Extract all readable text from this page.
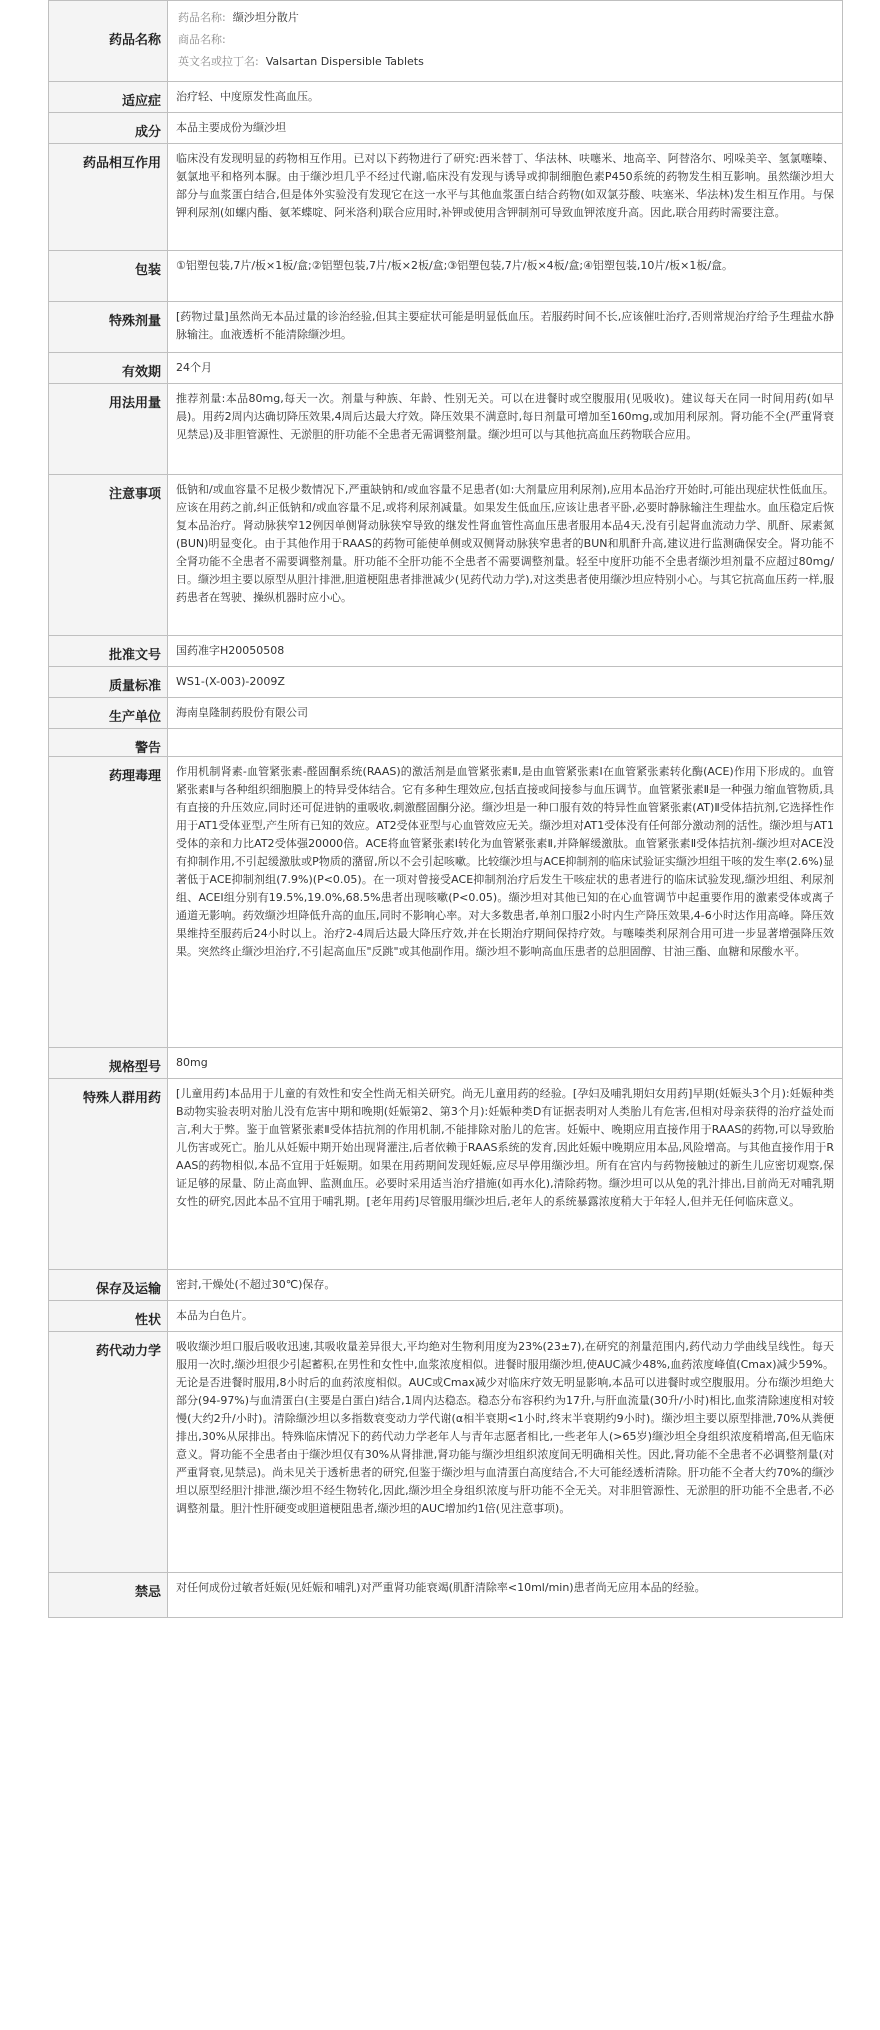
药品名称	药品名称: 缬沙坦分散片
商品名称:
英文名或拉丁名: Valsartan Dispersible Tablets

适应症	治疗轻、中度原发性高血压。

成分	本品主要成份为缬沙坦

药品相互作用	临床没有发现明显的药物相互作用。已对以下药物进行了研究:西米替丁、华法林、呋噻米、地高辛、阿替洛尔、吲哚美辛、氢氯噻嗪、氨氯地平和格列本脲。由于缬沙坦几乎不经过代谢,临床没有发现与诱导或抑制细胞色素P450系统的药物发生相互影响。虽然缬沙坦大部分与血浆蛋白结合,但是体外实验没有发现它在这一水平与其他血浆蛋白结合药物(如双氯芬酸、呋塞米、华法林)发生相互作用。与保钾利尿剂(如螺内酯、氨苯蝶啶、阿米洛利)联合应用时,补钾或使用含钾制剂可导致血钾浓度升高。因此,联合用药时需要注意。

包装	①铝塑包装,7片/板×1板/盒;②铝塑包装,7片/板×2板/盒;③铝塑包装,7片/板×4板/盒;④铝塑包装,10片/板×1板/盒。

特殊剂量	[药物过量]虽然尚无本品过量的诊治经验,但其主要症状可能是明显低血压。若服药时间不长,应该催吐治疗,否则常规治疗给予生理盐水静脉输注。血液透析不能清除缬沙坦。

有效期	24个月

用法用量	推荐剂量:本品80mg,每天一次。剂量与种族、年龄、性别无关。可以在进餐时或空腹服用(见吸收)。建议每天在同一时间用药(如早晨)。用药2周内达确切降压效果,4周后达最大疗效。降压效果不满意时,每日剂量可增加至160mg,或加用利尿剂。肾功能不全(严重肾衰见禁忌)及非胆管源性、无淤胆的肝功能不全患者无需调整剂量。缬沙坦可以与其他抗高血压药物联合应用。

注意事项	低钠和/或血容量不足极少数情况下,严重缺钠和/或血容量不足患者(如:大剂量应用利尿剂),应用本品治疗开始时,可能出现症状性低血压。应该在用药之前,纠正低钠和/或血容量不足,或将利尿剂减量。如果发生低血压,应该让患者平卧,必要时静脉输注生理盐水。血压稳定后恢复本品治疗。肾动脉狭窄12例因单侧肾动脉狭窄导致的继发性肾血管性高血压患者服用本品4天,没有引起肾血流动力学、肌酐、尿素氮(BUN)明显变化。由于其他作用于RAAS的药物可能使单侧或双侧肾动脉狭窄患者的BUN和肌酐升高,建议进行监测确保安全。肾功能不全肾功能不全患者不需要调整剂量。肝功能不全肝功能不全患者不需要调整剂量。轻至中度肝功能不全患者缬沙坦剂量不应超过80mg/日。缬沙坦主要以原型从胆汁排泄,胆道梗阻患者排泄减少(见药代动力学),对这类患者使用缬沙坦应特别小心。与其它抗高血压药一样,服药患者在驾驶、操纵机器时应小心。

批准文号	国药准字H20050508

质量标准	WS1-(X-003)-2009Z

生产单位	海南皇隆制药股份有限公司

警告	

药理毒理	作用机制肾素-血管紧张素-醛固酮系统(RAAS)的激活剂是血管紧张素Ⅱ,是由血管紧张素Ⅰ在血管紧张素转化酶(ACE)作用下形成的。血管紧张素Ⅱ与各种组织细胞膜上的特异受体结合。它有多种生理效应,包括直接或间接参与血压调节。血管紧张素Ⅱ是一种强力缩血管物质,具有直接的升压效应,同时还可促进钠的重吸收,刺激醛固酮分泌。缬沙坦是一种口服有效的特异性血管紧张素(AT)Ⅱ受体拮抗剂,它选择性作用于AT1受体亚型,产生所有已知的效应。AT2受体亚型与心血管效应无关。缬沙坦对AT1受体没有任何部分激动剂的活性。缬沙坦与AT1受体的亲和力比AT2受体强20000倍。ACE将血管紧张素Ⅰ转化为血管紧张素Ⅱ,并降解缓激肽。血管紧张素Ⅱ受体拮抗剂-缬沙坦对ACE没有抑制作用,不引起缓激肽或P物质的潴留,所以不会引起咳嗽。比较缬沙坦与ACE抑制剂的临床试验证实缬沙坦组干咳的发生率(2.6%)显著低于ACE抑制剂组(7.9%)(P<0.05)。在一项对曾接受ACE抑制剂治疗后发生干咳症状的患者进行的临床试验发现,缬沙坦组、利尿剂组、ACEI组分别有19.5%,19.0%,68.5%患者出现咳嗽(P<0.05)。缬沙坦对其他已知的在心血管调节中起重要作用的激素受体或离子通道无影响。药效缬沙坦降低升高的血压,同时不影响心率。对大多数患者,单剂口服2小时内生产降压效果,4-6小时达作用高峰。降压效果维持至服药后24小时以上。治疗2-4周后达最大降压疗效,并在长期治疗期间保持疗效。与噻嗪类利尿剂合用可进一步显著增强降压效果。突然终止缬沙坦治疗,不引起高血压"反跳"或其他副作用。缬沙坦不影响高血压患者的总胆固醇、甘油三酯、血糖和尿酸水平。

规格型号	80mg

特殊人群用药	[儿童用药]本品用于儿童的有效性和安全性尚无相关研究。尚无儿童用药的经验。[孕妇及哺乳期妇女用药]早期(妊娠头3个月):妊娠种类B动物实验表明对胎儿没有危害中期和晚期(妊娠第2、第3个月):妊娠种类D有证据表明对人类胎儿有危害,但相对母亲获得的治疗益处而言,利大于弊。鉴于血管紧张素Ⅱ受体拮抗剂的作用机制,不能排除对胎儿的危害。妊娠中、晚期应用直接作用于RAAS的药物,可以导致胎儿伤害或死亡。胎儿从妊娠中期开始出现肾灌注,后者依赖于RAAS系统的发育,因此妊娠中晚期应用本品,风险增高。与其他直接作用于RAAS的药物相似,本品不宜用于妊娠期。如果在用药期间发现妊娠,应尽早停用缬沙坦。所有在宫内与药物接触过的新生儿应密切观察,保证足够的尿量、防止高血钾、监测血压。必要时采用适当治疗措施(如再水化),清除药物。缬沙坦可以从兔的乳汁排出,目前尚无对哺乳期女性的研究,因此本品不宜用于哺乳期。[老年用药]尽管服用缬沙坦后,老年人的系统暴露浓度稍大于年轻人,但并无任何临床意义。

保存及运输	密封,干燥处(不超过30℃)保存。

性状	本品为白色片。

药代动力学	吸收缬沙坦口服后吸收迅速,其吸收量差异很大,平均绝对生物利用度为23%(23±7),在研究的剂量范围内,药代动力学曲线呈线性。每天服用一次时,缬沙坦很少引起蓄积,在男性和女性中,血浆浓度相似。进餐时服用缬沙坦,使AUC减少48%,血药浓度峰值(Cmax)减少59%。无论是否进餐时服用,8小时后的血药浓度相似。AUC或Cmax减少对临床疗效无明显影响,本品可以进餐时或空腹服用。分布缬沙坦绝大部分(94-97%)与血清蛋白(主要是白蛋白)结合,1周内达稳态。稳态分布容积约为17升,与肝血流量(30升/小时)相比,血浆清除速度相对较慢(大约2升/小时)。清除缬沙坦以多指数衰变动力学代谢(α相半衰期<1小时,终末半衰期约9小时)。缬沙坦主要以原型排泄,70%从粪便排出,30%从尿排出。特殊临床情况下的药代动力学老年人与青年志愿者相比,一些老年人(>65岁)缬沙坦全身组织浓度稍增高,但无临床意义。肾功能不全患者由于缬沙坦仅有30%从肾排泄,肾功能与缬沙坦组织浓度间无明确相关性。因此,肾功能不全患者不必调整剂量(对严重肾衰,见禁忌)。尚未见关于透析患者的研究,但鉴于缬沙坦与血清蛋白高度结合,不大可能经透析清除。肝功能不全者大约70%的缬沙坦以原型经胆汁排泄,缬沙坦不经生物转化,因此,缬沙坦全身组织浓度与肝功能不全无关。对非胆管源性、无淤胆的肝功能不全患者,不必调整剂量。胆汁性肝硬变或胆道梗阻患者,缬沙坦的AUC增加约1倍(见注意事项)。

禁忌	对任何成份过敏者妊娠(见妊娠和哺乳)对严重肾功能衰竭(肌酐清除率<10ml/min)患者尚无应用本品的经验。
